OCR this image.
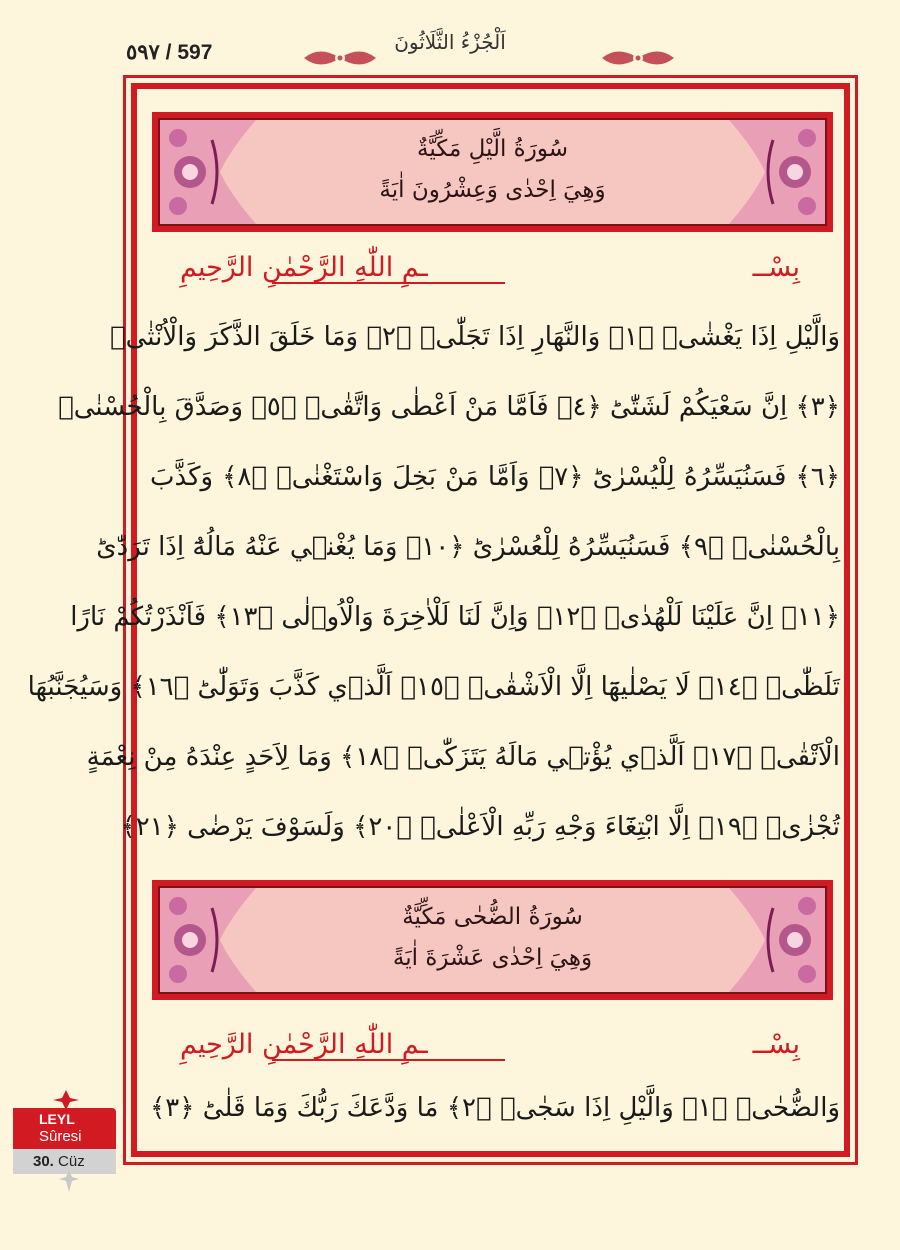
٥٩٧ / 597	اَلْجُزْءُ الثَّلَاثُونَ
سُورَةُ الَّيْلِ مَكِّيَّةٌ
وَهِيَ اِحْدٰى وَعِشْرُونَ اٰيَةً
بِسْــ
ـمِ اللّٰهِ الرَّحْمٰنِ الرَّحِيمِ
وَالَّيْلِ اِذَا يَغْشٰىۙ ﴿١﴾ وَالنَّهَارِ اِذَا تَجَلّٰىۙ ﴿٢﴾ وَمَا خَلَقَ الذَّكَرَ وَالْاُنْثٰىۙ
﴿٣﴾ اِنَّ سَعْيَكُمْ لَشَتّٰىؕ ﴿٤﴾ فَاَمَّا مَنْ اَعْطٰى وَاتَّقٰىۙ ﴿٥﴾ وَصَدَّقَ بِالْحُسْنٰىۙ
﴿٦﴾ فَسَنُيَسِّرُهُ لِلْيُسْرٰىؕ ﴿٧﴾ وَاَمَّا مَنْ بَخِلَ وَاسْتَغْنٰىۙ ﴿٨﴾ وَكَذَّبَ
بِالْحُسْنٰىۙ ﴿٩﴾ فَسَنُيَسِّرُهُ لِلْعُسْرٰىؕ ﴿١٠﴾ وَمَا يُغْن۪ي عَنْهُ مَالُهُٓ اِذَا تَرَدّٰىؕ
﴿١١﴾ اِنَّ عَلَيْنَا لَلْهُدٰىۘ ﴿١٢﴾ وَاِنَّ لَنَا لَلْاٰخِرَةَ وَالْاُو۫لٰى ﴿١٣﴾ فَاَنْذَرْتُكُمْ نَارًا
تَلَظّٰىۚ ﴿١٤﴾ لَا يَصْلٰيهَٓا اِلَّا الْاَشْقٰىۙ ﴿١٥﴾ اَلَّذ۪ي كَذَّبَ وَتَوَلّٰىؕ ﴿١٦﴾ وَسَيُجَنَّبُهَا
الْاَتْقٰىۙ ﴿١٧﴾ اَلَّذ۪ي يُؤْت۪ي مَالَهُ يَتَزَكّٰىۚ ﴿١٨﴾ وَمَا لِاَحَدٍ عِنْدَهُ مِنْ نِعْمَةٍ
تُجْزٰىۙ ﴿١٩﴾ اِلَّا ابْتِغَٓاءَ وَجْهِ رَبِّهِ الْاَعْلٰىۚ ﴿٢٠﴾ وَلَسَوْفَ يَرْضٰى ﴿٢١﴾
سُورَةُ الضُّحٰى مَكِّيَّةٌ
وَهِيَ اِحْدٰى عَشْرَةَ اٰيَةً
بِسْــ
ـمِ اللّٰهِ الرَّحْمٰنِ الرَّحِيمِ
وَالضُّحٰىۙ ﴿١﴾ وَالَّيْلِ اِذَا سَجٰىۙ ﴿٢﴾ مَا وَدَّعَكَ رَبُّكَ وَمَا قَلٰىؕ ﴿٣﴾
LEYL
Sûresi
30. Cüz
